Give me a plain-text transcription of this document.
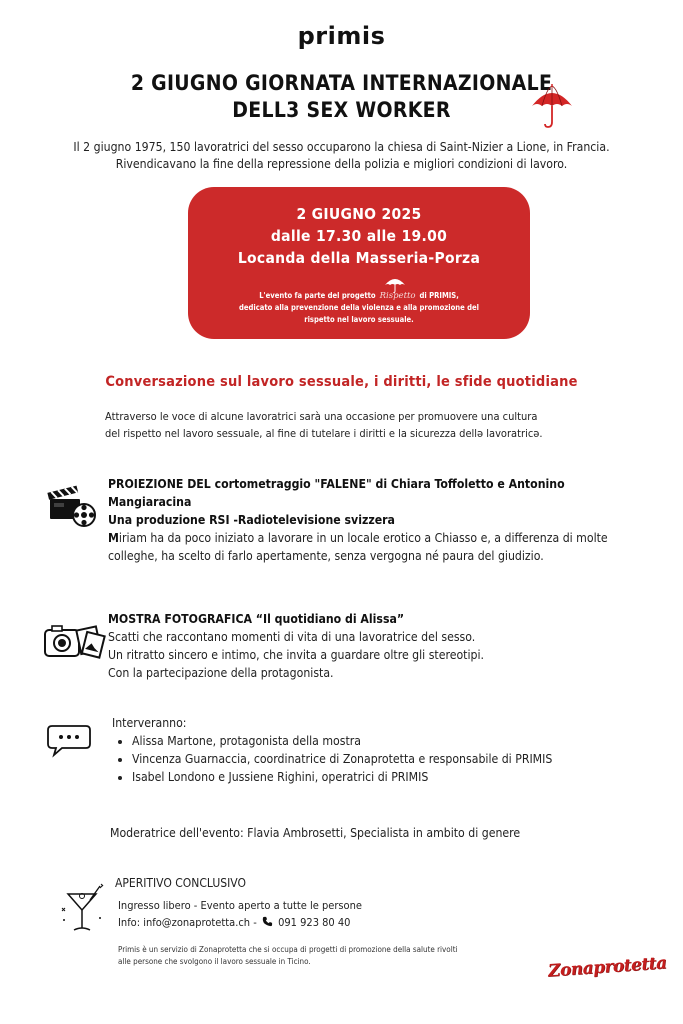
primis
2 GIUGNO GIORNATA INTERNAZIONALE
DELL3 SEX WORKER
Il 2 giugno 1975, 150 lavoratrici del sesso occuparono la chiesa di Saint-Nizier a Lione, in Francia.
Rivendicavano la fine della repressione della polizia e migliori condizioni di lavoro.
2 GIUGNO 2025
dalle 17.30 alle 19.00
Locanda della Masseria-Porza
L'evento fa parte del progetto Rispetto di PRIMIS,
dedicato alla prevenzione della violenza e alla promozione del
rispetto nel lavoro sessuale.
Conversazione sul lavoro sessuale, i diritti, le sfide quotidiane
Attraverso le voce di alcune lavoratrici sarà una occasione per promuovere una cultura
del rispetto nel lavoro sessuale, al fine di tutelare i diritti e la sicurezza dellə lavoratricə.
PROIEZIONE DEL cortometraggio "FALENE" di Chiara Toffoletto e Antonino Mangiaracina
Una produzione RSI -Radiotelevisione svizzera
Miriam ha da poco iniziato a lavorare in un locale erotico a Chiasso e, a differenza di molte colleghe, ha scelto di farlo apertamente, senza vergogna né paura del giudizio.
MOSTRA FOTOGRAFICA “Il quotidiano di Alissa”
Scatti che raccontano momenti di vita di una lavoratrice del sesso.
Un ritratto sincero e intimo, che invita a guardare oltre gli stereotipi.
Con la partecipazione della protagonista.
Interveranno:
• Alissa Martone, protagonista della mostra
• Vincenza Guarnaccia, coordinatrice di Zonaprotetta e responsabile di PRIMIS
• Isabel Londono e Jussiene Righini, operatrici di PRIMIS
Moderatrice dell'evento: Flavia Ambrosetti, Specialista in ambito di genere
APERITIVO CONCLUSIVO
Ingresso libero - Evento aperto a tutte le persone
Info: info@zonaprotetta.ch - 091 923 80 40
Primis è un servizio di Zonaprotetta che si occupa di progetti di promozione della salute rivolti
alle persone che svolgono il lavoro sessuale in Ticino.	Zonaprotetta
